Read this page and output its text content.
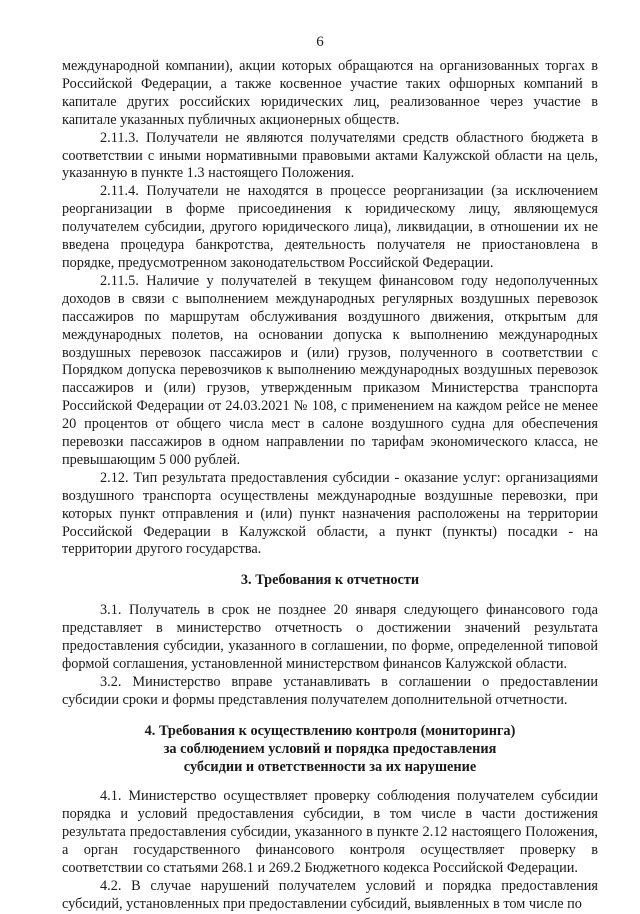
6

международной компании), акции которых обращаются на организованных торгах в Российской Федерации, а также косвенное участие таких офшорных компаний в капитале других российских юридических лиц, реализованное через участие в капитале указанных публичных акционерных обществ.

2.11.3. Получатели не являются получателями средств областного бюджета в соответствии с иными нормативными правовыми актами Калужской области на цель, указанную в пункте 1.3 настоящего Положения.

2.11.4. Получатели не находятся в процессе реорганизации (за исключением реорганизации в форме присоединения к юридическому лицу, являющемуся получателем субсидии, другого юридического лица), ликвидации, в отношении их не введена процедура банкротства, деятельность получателя не приостановлена в порядке, предусмотренном законодательством Российской Федерации.

2.11.5. Наличие у получателей в текущем финансовом году недополученных доходов в связи с выполнением международных регулярных воздушных перевозок пассажиров по маршрутам обслуживания воздушного движения, открытым для международных полетов, на основании допуска к выполнению международных воздушных перевозок пассажиров и (или) грузов, полученного в соответствии с Порядком допуска перевозчиков к выполнению международных воздушных перевозок пассажиров и (или) грузов, утвержденным приказом Министерства транспорта Российской Федерации от 24.03.2021 № 108, с применением на каждом рейсе не менее 20 процентов от общего числа мест в салоне воздушного судна для обеспечения перевозки пассажиров в одном направлении по тарифам экономического класса, не превышающим 5 000 рублей.

2.12. Тип результата предоставления субсидии - оказание услуг: организациями воздушного транспорта осуществлены международные воздушные перевозки, при которых пункт отправления и (или) пункт назначения расположены на территории Российской Федерации в Калужской области, а пункт (пункты) посадки - на территории другого государства.

3. Требования к отчетности

3.1. Получатель в срок не позднее 20 января следующего финансового года представляет в министерство отчетность о достижении значений результата предоставления субсидии, указанного в соглашении, по форме, определенной типовой формой соглашения, установленной министерством финансов Калужской области.

3.2. Министерство вправе устанавливать в соглашении о предоставлении субсидии сроки и формы представления получателем дополнительной отчетности.

4. Требования к осуществлению контроля (мониторинга)
за соблюдением условий и порядка предоставления
субсидии и ответственности за их нарушение

4.1. Министерство осуществляет проверку соблюдения получателем субсидии порядка и условий предоставления субсидии, в том числе в части достижения результата предоставления субсидии, указанного в пункте 2.12 настоящего Положения, а орган государственного финансового контроля осуществляет проверку в соответствии со статьями 268.1 и 269.2 Бюджетного кодекса Российской Федерации.

4.2. В случае нарушений получателем условий и порядка предоставления субсидий, установленных при предоставлении субсидий, выявленных в том числе по
